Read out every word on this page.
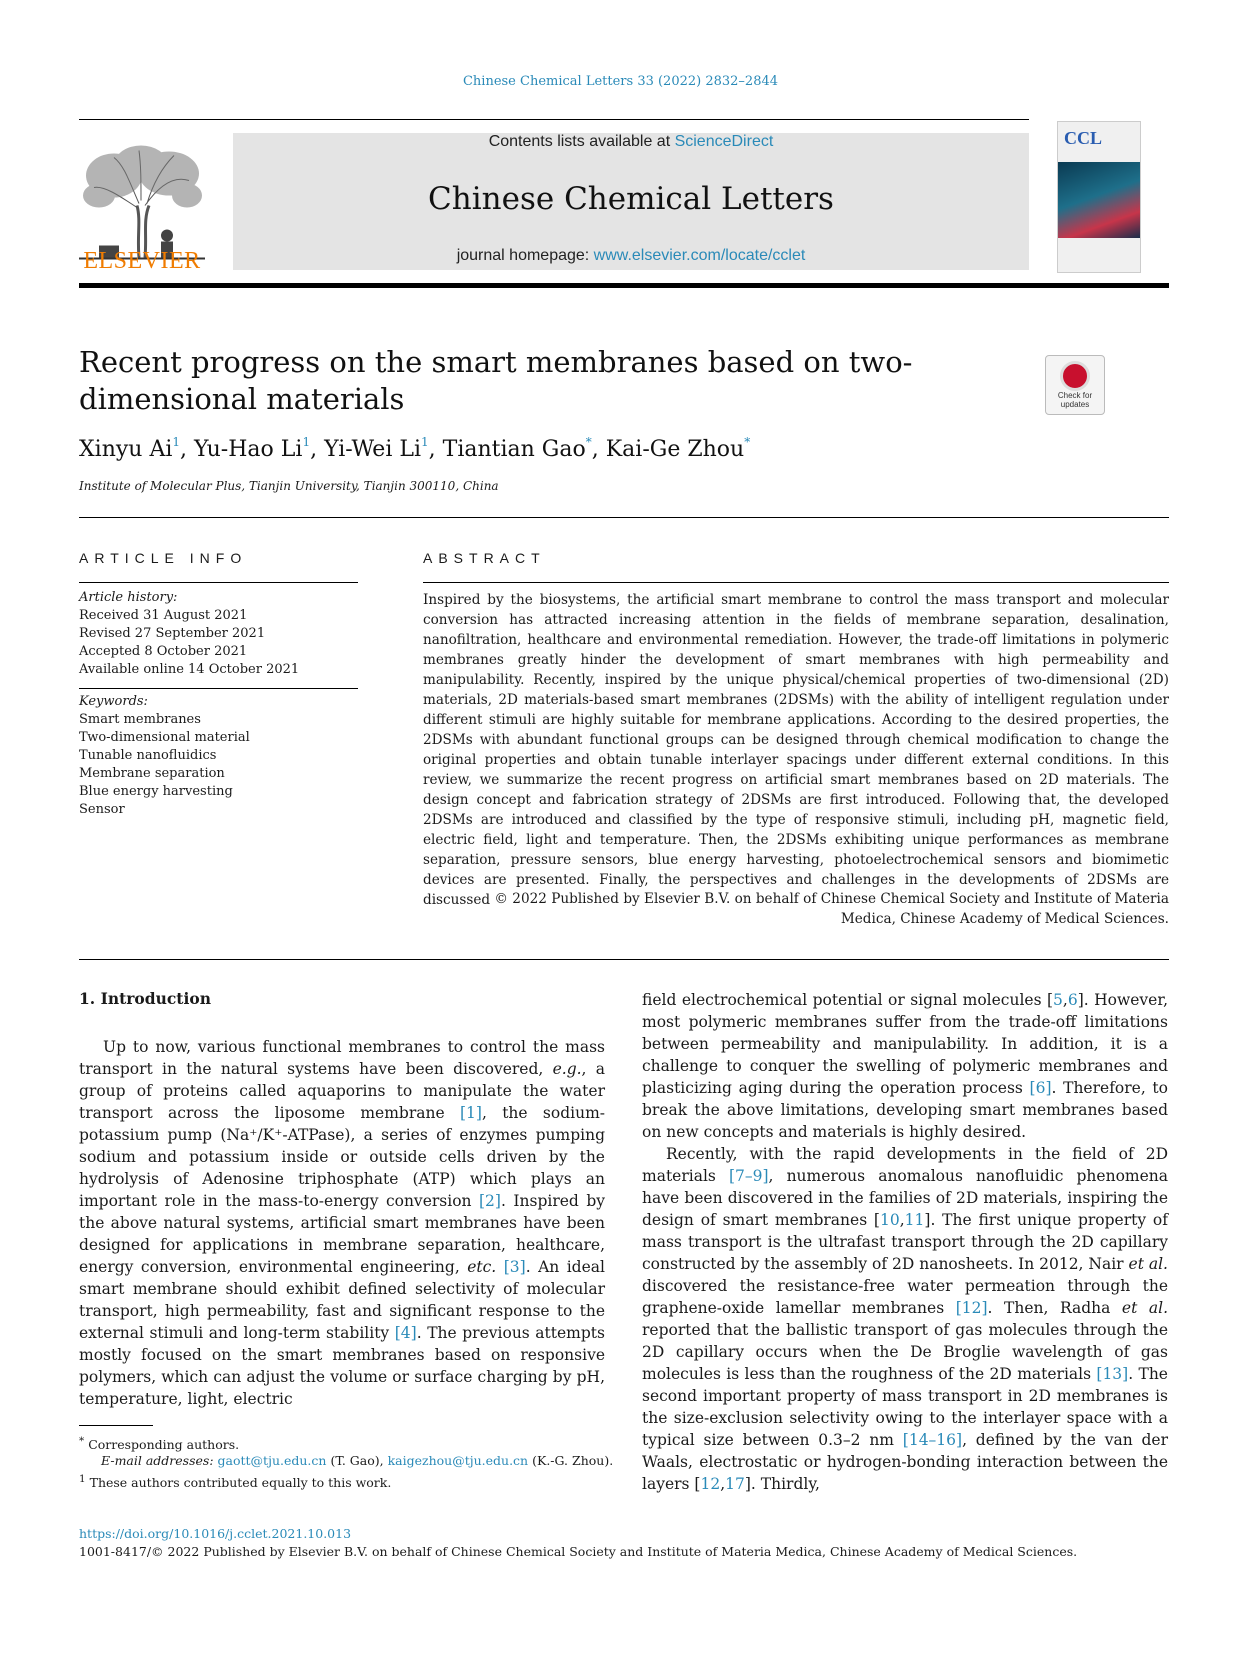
Chinese Chemical Letters 33 (2022) 2832–2844
ELSEVIER
Contents lists available at ScienceDirect
Chinese Chemical Letters
journal homepage: www.elsevier.com/locate/cclet
CCL
Recent progress on the smart membranes based on two-dimensional materials	Check for updates
Xinyu Ai$^1$, Yu-Hao Li$^1$, Yi-Wei Li$^1$, Tiantian Gao*, Kai-Ge Zhou*
Institute of Molecular Plus, Tianjin University, Tianjin 300110, China
ARTICLE INFO
Article history:
Received 31 August 2021
Revised 27 September 2021
Accepted 8 October 2021
Available online 14 October 2021
Keywords:
Smart membranes
Two-dimensional material
Tunable nanofluidics
Membrane separation
Blue energy harvesting
Sensor
ABSTRACT
Inspired by the biosystems, the artificial smart membrane to control the mass transport and molecular conversion has attracted increasing attention in the fields of membrane separation, desalination, nanofiltration, healthcare and environmental remediation. However, the trade-off limitations in polymeric membranes greatly hinder the development of smart membranes with high permeability and manipulability. Recently, inspired by the unique physical/chemical properties of two-dimensional (2D) materials, 2D materials-based smart membranes (2DSMs) with the ability of intelligent regulation under different stimuli are highly suitable for membrane applications. According to the desired properties, the 2DSMs with abundant functional groups can be designed through chemical modification to change the original properties and obtain tunable interlayer spacings under different external conditions. In this review, we summarize the recent progress on artificial smart membranes based on 2D materials. The design concept and fabrication strategy of 2DSMs are first introduced. Following that, the developed 2DSMs are introduced and classified by the type of responsive stimuli, including pH, magnetic field, electric field, light and temperature. Then, the 2DSMs exhibiting unique performances as membrane separation, pressure sensors, blue energy harvesting, photoelectrochemical sensors and biomimetic devices are presented. Finally, the perspectives and challenges in the developments of 2DSMs are discussed © 2022 Published by Elsevier B.V. on behalf of Chinese Chemical Society and Institute of Materia
Medica, Chinese Academy of Medical Sciences.
1. Introduction

Up to now, various functional membranes to control the mass transport in the natural systems have been discovered, e.g., a group of proteins called aquaporins to manipulate the water transport across the liposome membrane [1], the sodium-potassium pump (Na⁺/K⁺-ATPase), a series of enzymes pumping sodium and potassium inside or outside cells driven by the hydrolysis of Adenosine triphosphate (ATP) which plays an important role in the mass-to-energy conversion [2]. Inspired by the above natural systems, artificial smart membranes have been designed for applications in membrane separation, healthcare, energy conversion, environmental engineering, etc. [3]. An ideal smart membrane should exhibit defined selectivity of molecular transport, high permeability, fast and significant response to the external stimuli and long-term stability [4]. The previous attempts mostly focused on the smart membranes based on responsive polymers, which can adjust the volume or surface charging by pH, temperature, light, electric

field electrochemical potential or signal molecules [5,6]. However, most polymeric membranes suffer from the trade-off limitations between permeability and manipulability. In addition, it is a challenge to conquer the swelling of polymeric membranes and plasticizing aging during the operation process [6]. Therefore, to break the above limitations, developing smart membranes based on new concepts and materials is highly desired.

Recently, with the rapid developments in the field of 2D materials [7–9], numerous anomalous nanofluidic phenomena have been discovered in the families of 2D materials, inspiring the design of smart membranes [10,11]. The first unique property of mass transport is the ultrafast transport through the 2D capillary constructed by the assembly of 2D nanosheets. In 2012, Nair et al. discovered the resistance-free water permeation through the graphene-oxide lamellar membranes [12]. Then, Radha et al. reported that the ballistic transport of gas molecules through the 2D capillary occurs when the De Broglie wavelength of gas molecules is less than the roughness of the 2D materials [13]. The second important property of mass transport in 2D membranes is the size-exclusion selectivity owing to the interlayer space with a typical size between 0.3–2 nm [14–16], defined by the van der Waals, electrostatic or hydrogen-bonding interaction between the layers [12,17]. Thirdly,

* Corresponding authors.
E-mail addresses: gaott@tju.edu.cn (T. Gao), kaigezhou@tju.edu.cn (K.-G. Zhou).
$^1$ These authors contributed equally to this work.
https://doi.org/10.1016/j.cclet.2021.10.013
1001-8417/© 2022 Published by Elsevier B.V. on behalf of Chinese Chemical Society and Institute of Materia Medica, Chinese Academy of Medical Sciences.
